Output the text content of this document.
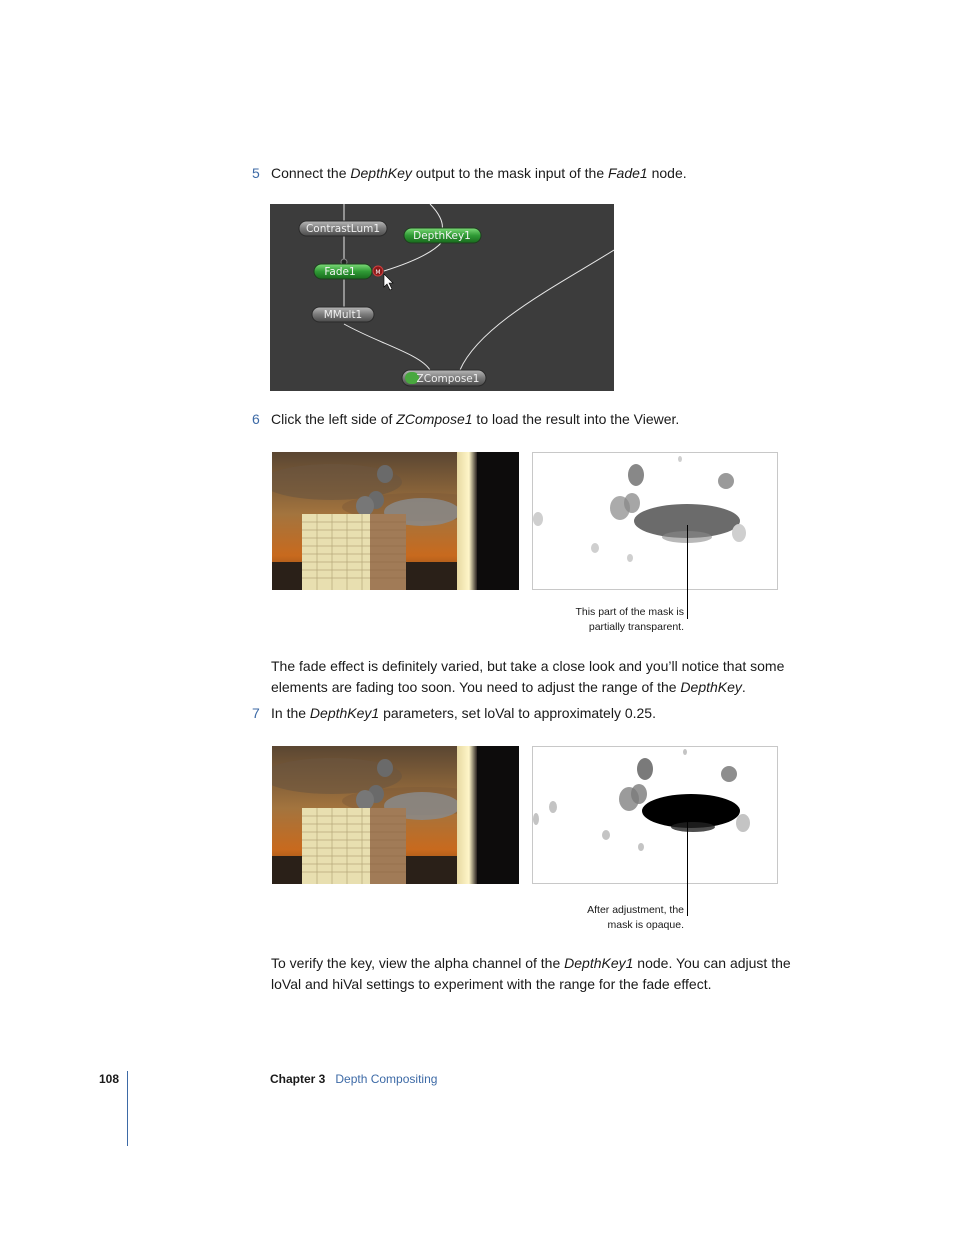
5 Connect the DepthKey output to the mask input of the Fade1 node.
ContrastLum1
DepthKey1
Fade1	M
MMult1
ZCompose1
6 Click the left side of ZCompose1 to load the result into the Viewer.
This part of the mask is
partially transparent.
The fade effect is definitely varied, but take a close look and you’ll notice that some elements are fading too soon. You need to adjust the range of the DepthKey.
7 In the DepthKey1 parameters, set loVal to approximately 0.25.
After adjustment, the
mask is opaque.
To verify the key, view the alpha channel of the DepthKey1 node. You can adjust the loVal and hiVal settings to experiment with the range for the fade effect.
108	Chapter 3 Depth Compositing
